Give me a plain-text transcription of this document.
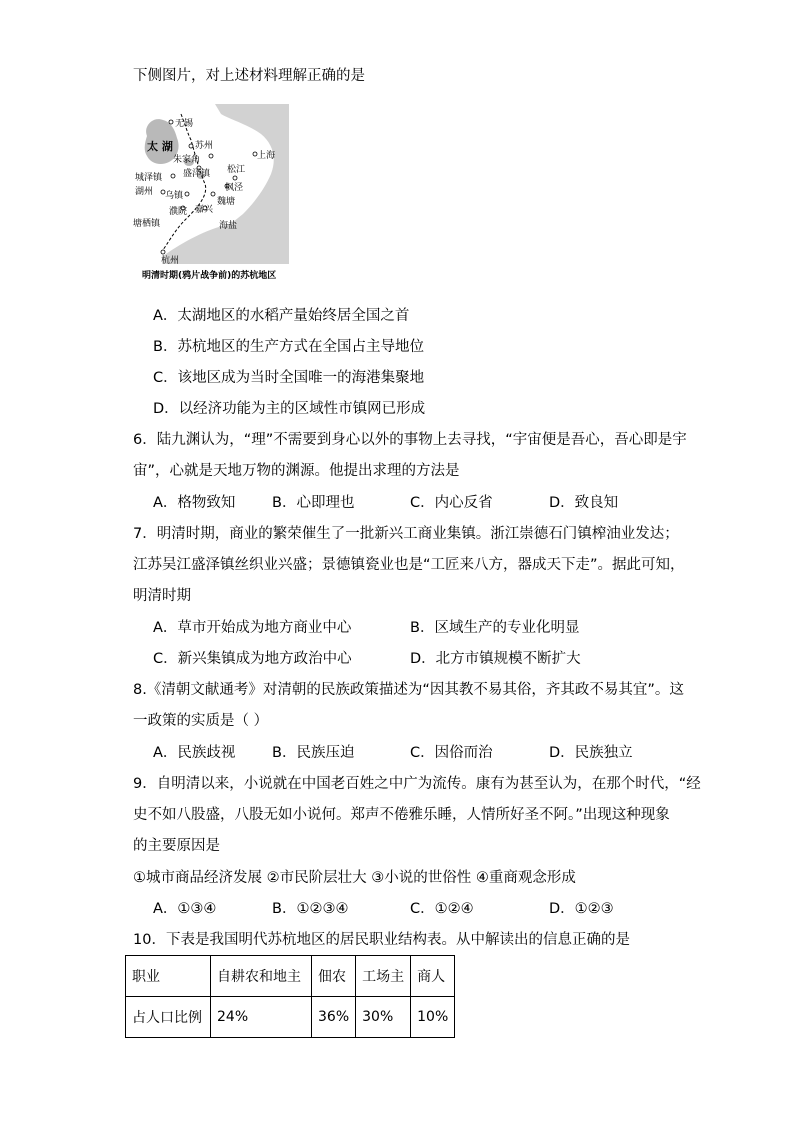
下侧图片，对上述材料理解正确的是
太 湖
无锡
苏州
朱家角
盛泽镇
城泽镇
湖州 乌镇
濮院 嘉兴
塘栖镇
杭州
松江
上海
枫泾
魏塘
海盐
明清时期(鸦片战争前)的苏杭地区
A．太湖地区的水稻产量始终居全国之首
B．苏杭地区的生产方式在全国占主导地位
C．该地区成为当时全国唯一的海港集聚地
D．以经济功能为主的区域性市镇网已形成
6．陆九渊认为，“理”不需要到身心以外的事物上去寻找，“宇宙便是吾心，吾心即是宇
宙”，心就是天地万物的渊源。他提出求理的方法是
A．格物致知	B．心即理也	C．内心反省	D．致良知
7．明清时期，商业的繁荣催生了一批新兴工商业集镇。浙江崇德石门镇榨油业发达；
江苏吴江盛泽镇丝织业兴盛；景德镇瓷业也是“工匠来八方，器成天下走”。据此可知，
明清时期
A．草市开始成为地方商业中心	B．区域生产的专业化明显
C．新兴集镇成为地方政治中心	D．北方市镇规模不断扩大
8.《清朝文献通考》对清朝的民族政策描述为“因其教不易其俗，齐其政不易其宜”。这
一政策的实质是（ ）
A．民族歧视	B．民族压迫	C．因俗而治	D．民族独立
9．自明清以来，小说就在中国老百姓之中广为流传。康有为甚至认为，在那个时代，“经
史不如八股盛，八股无如小说何。郑声不倦雅乐睡，人情所好圣不阿。”出现这种现象
的主要原因是
①城市商品经济发展 ②市民阶层壮大 ③小说的世俗性 ④重商观念形成
A．①③④	B．①②③④	C．①②④	D．①②③
10．下表是我国明代苏杭地区的居民职业结构表。从中解读出的信息正确的是
职业	自耕农和地主	佃农	工场主	商人
占人口比例	24%	36%	30%	10%
